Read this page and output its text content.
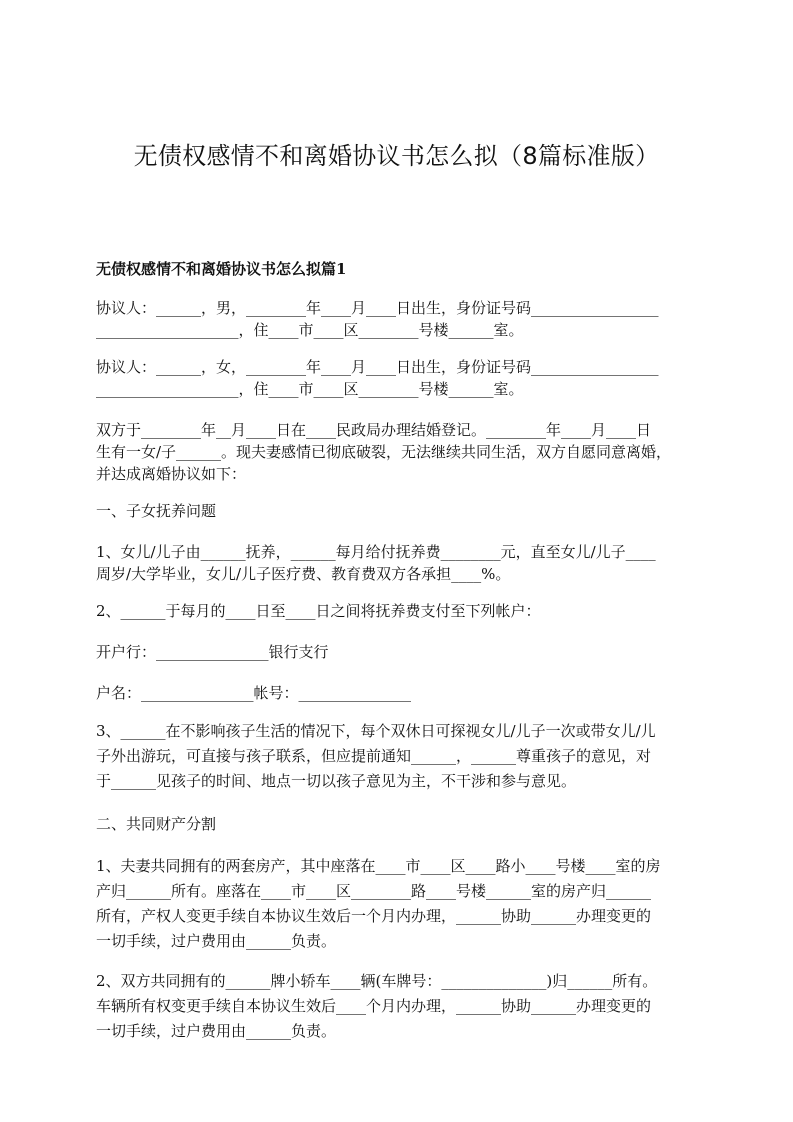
无债权感情不和离婚协议书怎么拟（8篇标准版）
无债权感情不和离婚协议书怎么拟篇1
协议人：______，男，________年____月____日出生，身份证号码_________________
___________________，住____市____区________号楼______室。
协议人：______，女，________年____月____日出生，身份证号码_________________
___________________，住____市____区________号楼______室。
双方于________年__月____日在____民政局办理结婚登记。________年____月____日
生有一女/子______。现夫妻感情已彻底破裂，无法继续共同生活，双方自愿同意离婚，
并达成离婚协议如下：
一、子女抚养问题
1、女儿/儿子由______抚养，______每月给付抚养费________元，直至女儿/儿子____
周岁/大学毕业，女儿/儿子医疗费、教育费双方各承担____%。
2、______于每月的____日至____日之间将抚养费支付至下列帐户：
开户行：_______________银行支行
户名：_______________帐号：_______________
3、______在不影响孩子生活的情况下，每个双休日可探视女儿/儿子一次或带女儿/儿
子外出游玩，可直接与孩子联系，但应提前通知______，______尊重孩子的意见，对
于______见孩子的时间、地点一切以孩子意见为主，不干涉和参与意见。
二、共同财产分割
1、夫妻共同拥有的两套房产，其中座落在____市____区____路小____号楼____室的房
产归______所有。座落在____市____区________路____号楼______室的房产归______
所有，产权人变更手续自本协议生效后一个月内办理，______协助______办理变更的
一切手续，过户费用由______负责。
2、双方共同拥有的______牌小轿车____辆(车牌号：______________)归______所有。
车辆所有权变更手续自本协议生效后____个月内办理，______协助______办理变更的
一切手续，过户费用由______负责。
